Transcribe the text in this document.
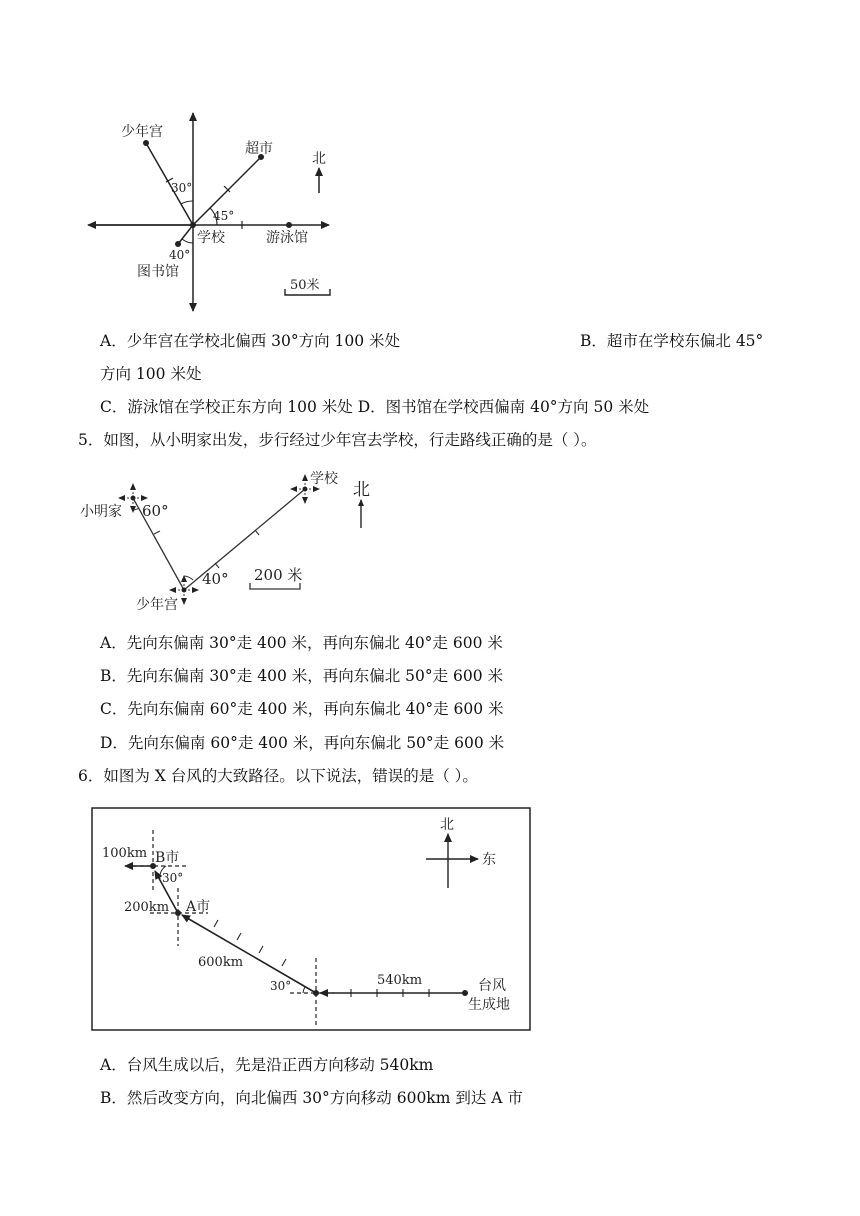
少年宫
超市
北
30°
45°
学校	游泳馆
40°
图书馆
50米
A．少年宫在学校北偏西 30°方向 100 米处	B．超市在学校东偏北 45°
方向 100 米处
C．游泳馆在学校正东方向 100 米处 D．图书馆在学校西偏南 40°方向 50 米处
5．如图，从小明家出发，步行经过少年宫去学校，行走路线正确的是（ ）。
学校
北
小明家 60°
40° 200 米
少年宫
A．先向东偏南 30°走 400 米，再向东偏北 40°走 600 米
B．先向东偏南 30°走 400 米，再向东偏北 50°走 600 米
C．先向东偏南 60°走 400 米，再向东偏北 40°走 600 米
D．先向东偏南 60°走 400 米，再向东偏北 50°走 600 米
6．如图为 X 台风的大致路径。以下说法，错误的是（ ）。
北
东
100km B市
30°
200km A市
600km
30°	540km	台风
生成地
A．台风生成以后，先是沿正西方向移动 540km
B．然后改变方向，向北偏西 30°方向移动 600km 到达 A 市
